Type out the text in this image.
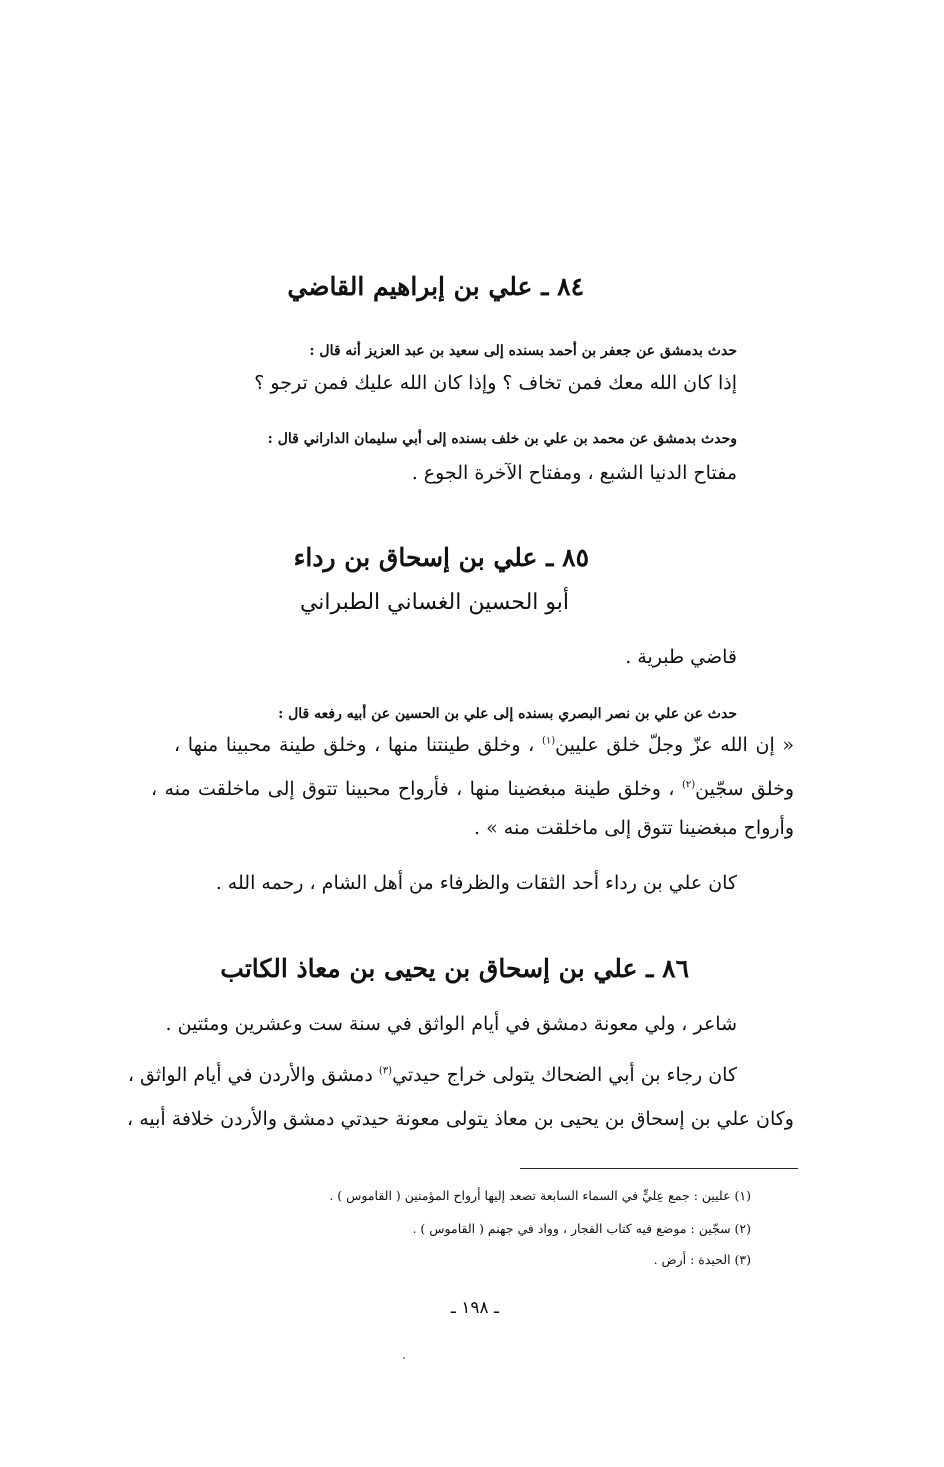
٨٤ ـ علي بن إبراهيم القاضي
حدث بدمشق عن جعفر بن أحمد بسنده إلى سعيد بن عبد العزيز أنه قال :
إذا كان الله معك فمن تخاف ؟ وإذا كان الله عليك فمن ترجو ؟
وحدث بدمشق عن محمد بن علي بن خلف بسنده إلى أبي سليمان الداراني قال :
مفتاح الدنيا الشبع ، ومفتاح الآخرة الجوع .
٨٥ ـ علي بن إسحاق بن رداء
أبو الحسين الغساني الطبراني
قاضي طبرية .
حدث عن علي بن نصر البصري بسنده إلى علي بن الحسين عن أبيه رفعه قال :
« إن الله عزّ وجلّ خلق عليين$^{(١)}$ ، وخلق طينتنا منها ، وخلق طينة محبينا منها ،
وخلق سجّين$^{(٢)}$ ، وخلق طينة مبغضينا منها ، فأرواح محبينا تتوق إلى ماخلقت منه ،
وأرواح مبغضينا تتوق إلى ماخلقت منه » .
كان علي بن رداء أحد الثقات والظرفاء من أهل الشام ، رحمه الله .
٨٦ ـ علي بن إسحاق بن يحيى بن معاذ الكاتب
شاعر ، ولي معونة دمشق في أيام الواثق في سنة ست وعشرين ومئتين .
كان رجاء بن أبي الضحاك يتولى خراج حيدتي$^{(٣)}$ دمشق والأردن في أيام الواثق ،
وكان علي بن إسحاق بن يحيى بن معاذ يتولى معونة حيدتي دمشق والأردن خلافة أبيه ،
(١) عليين : جمع عِليٍّ في السماء السابعة تصعد إليها أرواح المؤمنين ( القاموس ) .
(٢) سجّين : موضع فيه كتاب الفجار ، وواد في جهنم ( القاموس ) .
(٣) الحيدة : أرض .
ـ ١٩٨ ـ
